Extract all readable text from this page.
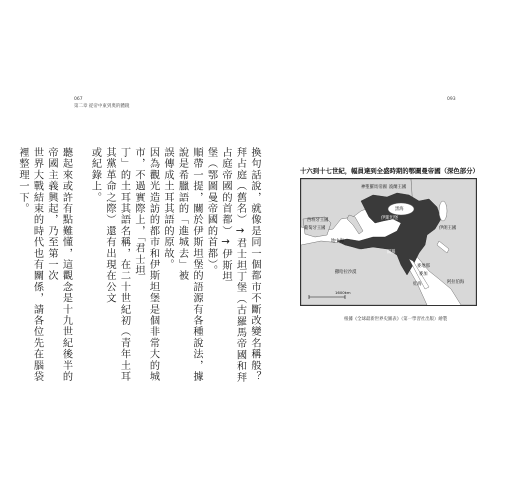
067
第二章 從帝中東到奧的體鏡
093
換句話說，就像是同一個都市不斷改變名稱般？
拜占庭（舊名）→君士坦丁堡（古羅馬帝國和拜占庭帝國的首都）→伊斯坦
堡（鄂圖曼帝國的首都）。
順帶一提，關於伊斯坦堡的語源有各種說法，據說是希臘語的「進城去」被
誤傳成土耳其語的原故。
因為觀光造訪的都市和伊斯坦堡是個非常大的城市，不過實際上，「君士坦
丁」的土耳其語名稱，在二十世紀初（青年土耳其黨革命之際）還有出現在公文
或紀錄上。

聽起來或許有點難懂，這觀念是十九世紀後半的帝國主義興起，乃至第一次
世界大戰結束的時代也有關係，請各位先在腦袋裡整理一下。	十六到十七世紀，幅員達到全盛時期的鄂圖曼帝國（深色部分）
神聖羅馬帝國 波蘭王國
西班牙王國
葡萄牙王國
地中海
黑海
伊斯坦堡
伊朗王國
撒哈拉沙漠
開羅
麥地那
麥加
紅海	阿拉伯海
1600km
根據《全球最新世界史圖表》（第一學習社出版）繪製
